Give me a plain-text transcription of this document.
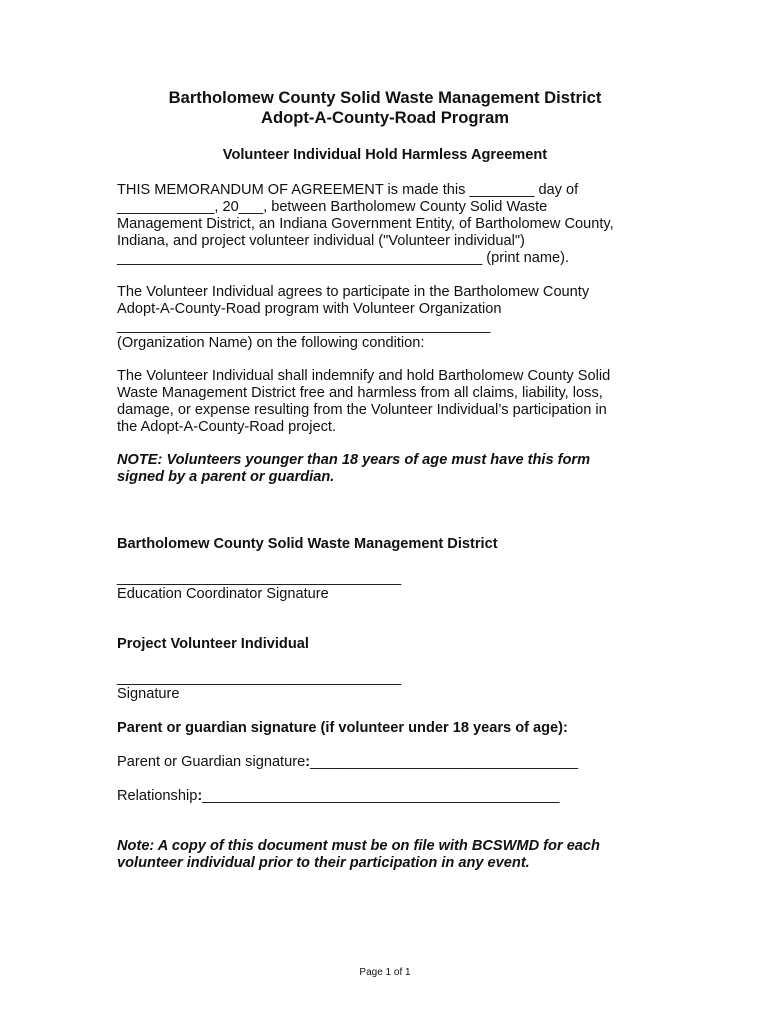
Bartholomew County Solid Waste Management District
Adopt-A-County-Road Program
Volunteer Individual Hold Harmless Agreement
THIS MEMORANDUM OF AGREEMENT is made this ________ day of
____________, 20___, between Bartholomew County Solid Waste
Management District, an Indiana Government Entity, of Bartholomew County,
Indiana, and project volunteer individual ("Volunteer individual")
_____________________________________________ (print name).
The Volunteer Individual agrees to participate in the Bartholomew County
Adopt-A-County-Road program with Volunteer Organization
______________________________________________
(Organization Name) on the following condition:
The Volunteer Individual shall indemnify and hold Bartholomew County Solid
Waste Management District free and harmless from all claims, liability, loss,
damage, or expense resulting from the Volunteer Individual’s participation in
the Adopt-A-County-Road project.
NOTE: Volunteers younger than 18 years of age must have this form
signed by a parent or guardian.
Bartholomew County Solid Waste Management District
___________________________________
Education Coordinator Signature
Project Volunteer Individual
___________________________________
Signature
Parent or guardian signature (if volunteer under 18 years of age):
Parent or Guardian signature:_________________________________
Relationship:____________________________________________
Note: A copy of this document must be on file with BCSWMD for each
volunteer individual prior to their participation in any event.
Page 1 of 1
